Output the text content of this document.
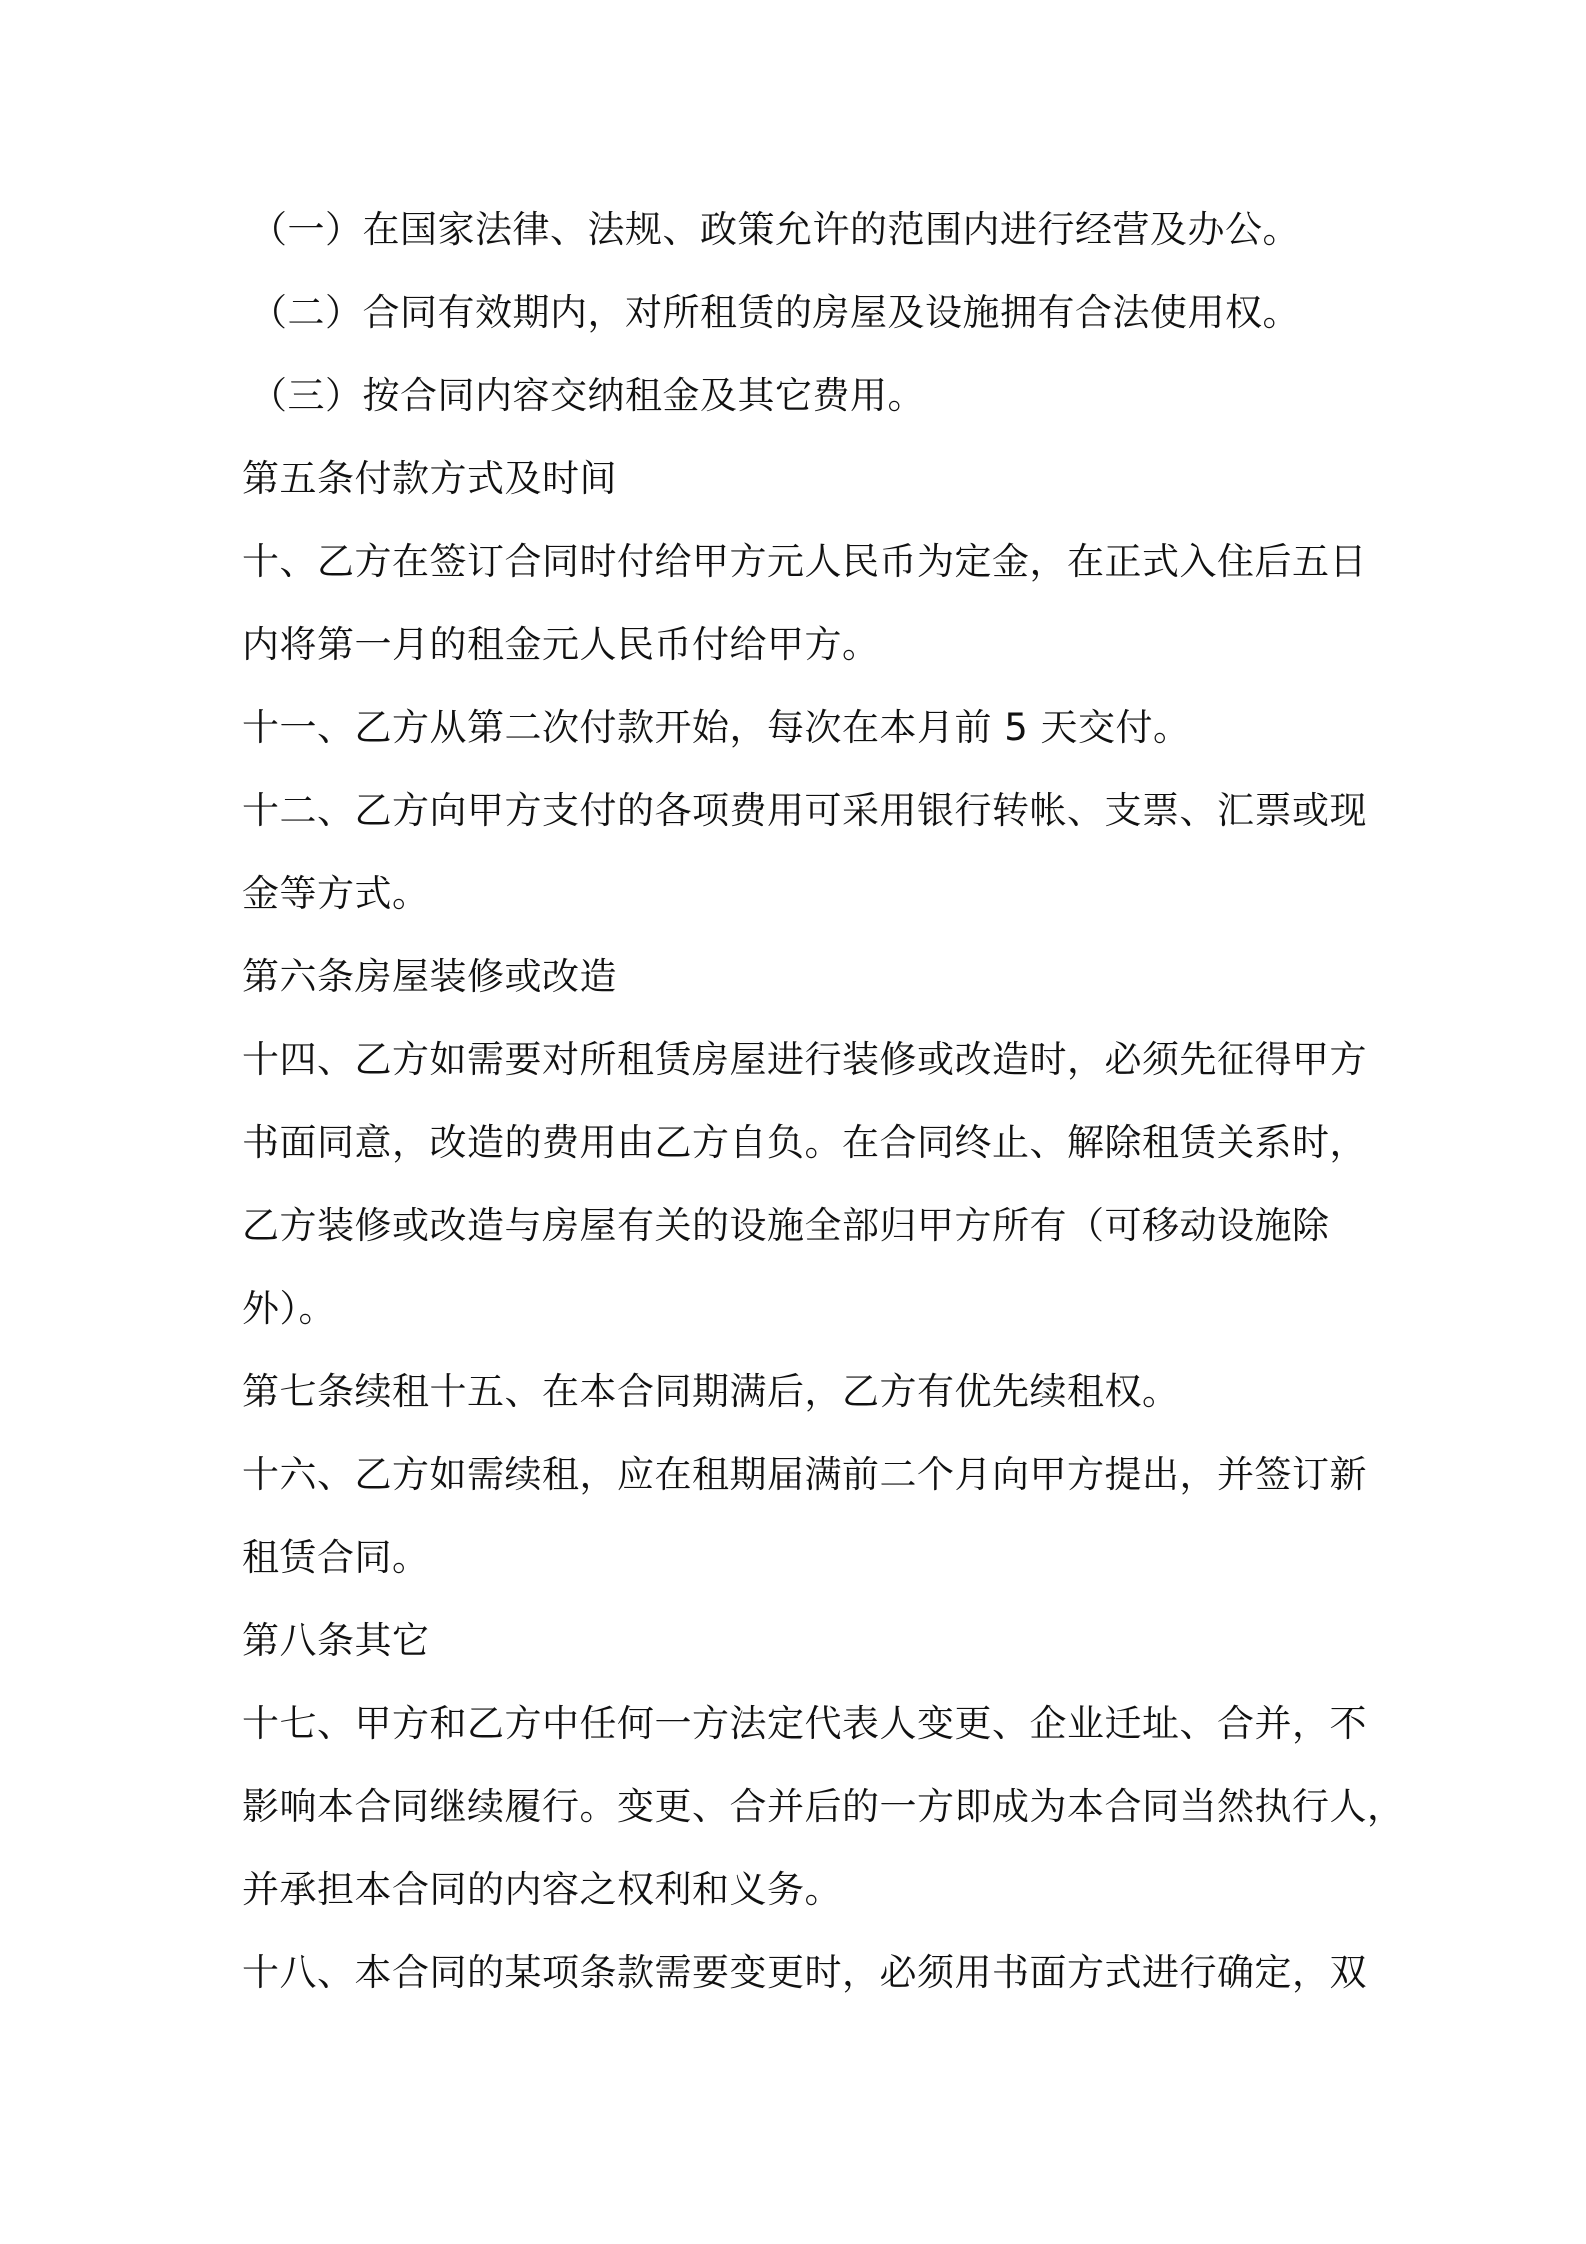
（一）在国家法律、法规、政策允许的范围内进行经营及办公。
（二）合同有效期内，对所租赁的房屋及设施拥有合法使用权。
（三）按合同内容交纳租金及其它费用。
第五条付款方式及时间
十、乙方在签订合同时付给甲方元人民币为定金，在正式入住后五日
内将第一月的租金元人民币付给甲方。
十一、乙方从第二次付款开始，每次在本月前 5 天交付。
十二、乙方向甲方支付的各项费用可采用银行转帐、支票、汇票或现
金等方式。
第六条房屋装修或改造
十四、乙方如需要对所租赁房屋进行装修或改造时，必须先征得甲方
书面同意，改造的费用由乙方自负。在合同终止、解除租赁关系时，
乙方装修或改造与房屋有关的设施全部归甲方所有（可移动设施除
外）。
第七条续租十五、在本合同期满后，乙方有优先续租权。
十六、乙方如需续租，应在租期届满前二个月向甲方提出，并签订新
租赁合同。
第八条其它
十七、甲方和乙方中任何一方法定代表人变更、企业迁址、合并，不
影响本合同继续履行。变更、合并后的一方即成为本合同当然执行人，
并承担本合同的内容之权利和义务。
十八、本合同的某项条款需要变更时，必须用书面方式进行确定，双
